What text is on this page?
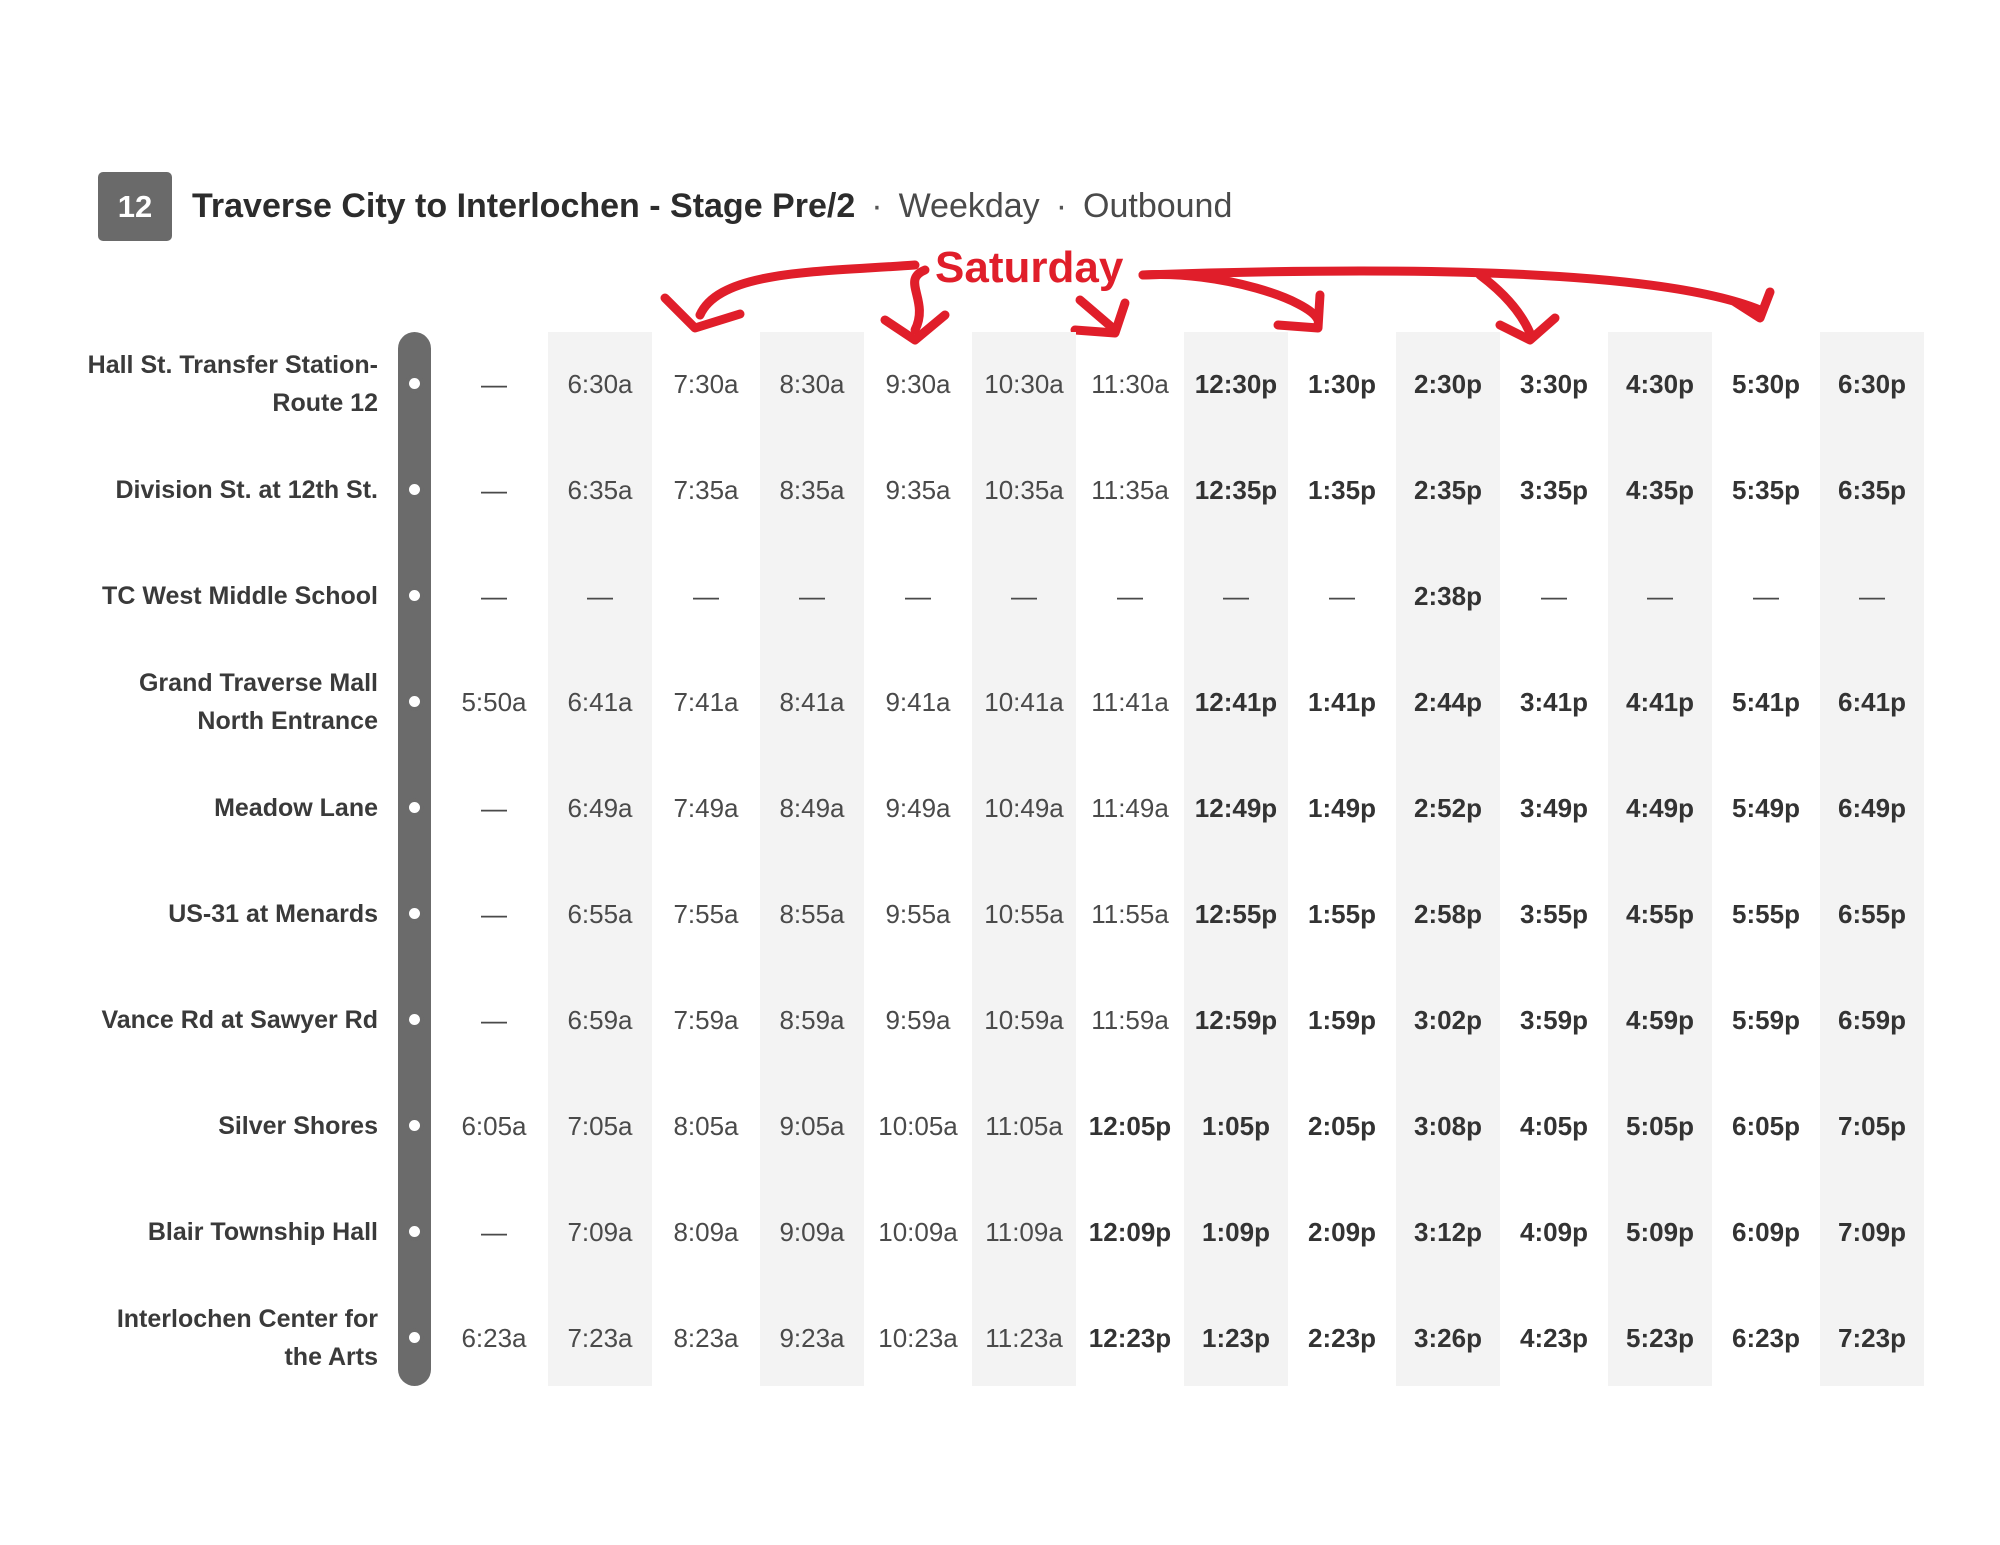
12	Traverse City to Interlochen - Stage Pre/2 · Weekday · Outbound
Saturday
Hall St. Transfer Station- Route 12
—	6:30a	7:30a	8:30a	9:30a	10:30a	11:30a	12:30p	1:30p	2:30p	3:30p	4:30p	5:30p	6:30p
Division St. at 12th St.	—	6:35a	7:35a	8:35a	9:35a	10:35a	11:35a	12:35p	1:35p	2:35p	3:35p	4:35p	5:35p	6:35p
TC West Middle School	—	—	—	—	—	—	—	—	—	2:38p	—	—	—	—
Grand Traverse Mall North Entrance
5:50a	6:41a	7:41a	8:41a	9:41a	10:41a	11:41a	12:41p	1:41p	2:44p	3:41p	4:41p	5:41p	6:41p
Meadow Lane	—	6:49a	7:49a	8:49a	9:49a	10:49a	11:49a	12:49p	1:49p	2:52p	3:49p	4:49p	5:49p	6:49p
US-31 at Menards	—	6:55a	7:55a	8:55a	9:55a	10:55a	11:55a	12:55p	1:55p	2:58p	3:55p	4:55p	5:55p	6:55p
Vance Rd at Sawyer Rd	—	6:59a	7:59a	8:59a	9:59a	10:59a	11:59a	12:59p	1:59p	3:02p	3:59p	4:59p	5:59p	6:59p
Silver Shores	6:05a	7:05a	8:05a	9:05a	10:05a	11:05a	12:05p	1:05p	2:05p	3:08p	4:05p	5:05p	6:05p	7:05p
Blair Township Hall	—	7:09a	8:09a	9:09a	10:09a	11:09a	12:09p	1:09p	2:09p	3:12p	4:09p	5:09p	6:09p	7:09p
Interlochen Center for the Arts
6:23a	7:23a	8:23a	9:23a	10:23a	11:23a	12:23p	1:23p	2:23p	3:26p	4:23p	5:23p	6:23p	7:23p
